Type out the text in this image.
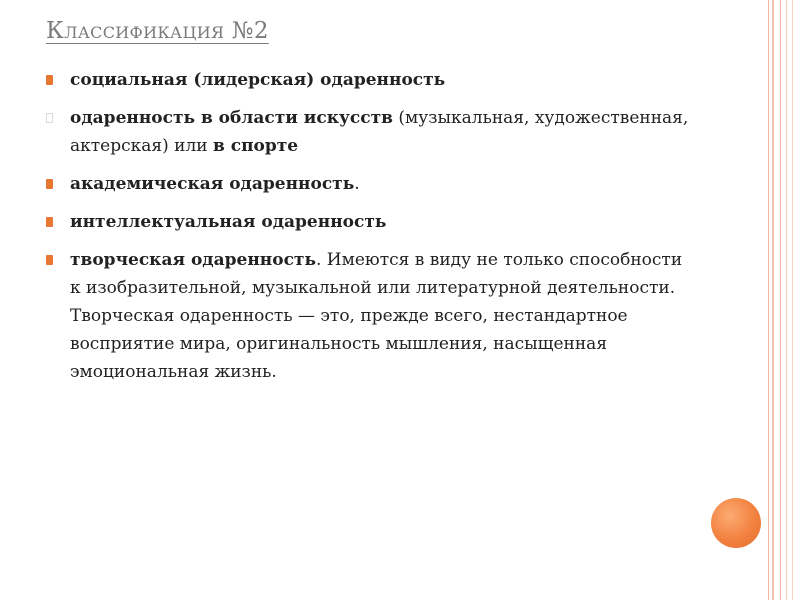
Классификация №2
социальная (лидерская) одаренность
одаренность в области искусств (музыкальная, художественная, актерская) или в спорте
академическая одаренность.
интеллектуальная одаренность
творческая одаренность. Имеются в виду не только способности к изобразительной, музыкальной или литературной деятельности. Творческая одаренность — это, прежде всего, нестандартное восприятие мира, оригинальность мышления, насыщенная эмоциональная жизнь.
